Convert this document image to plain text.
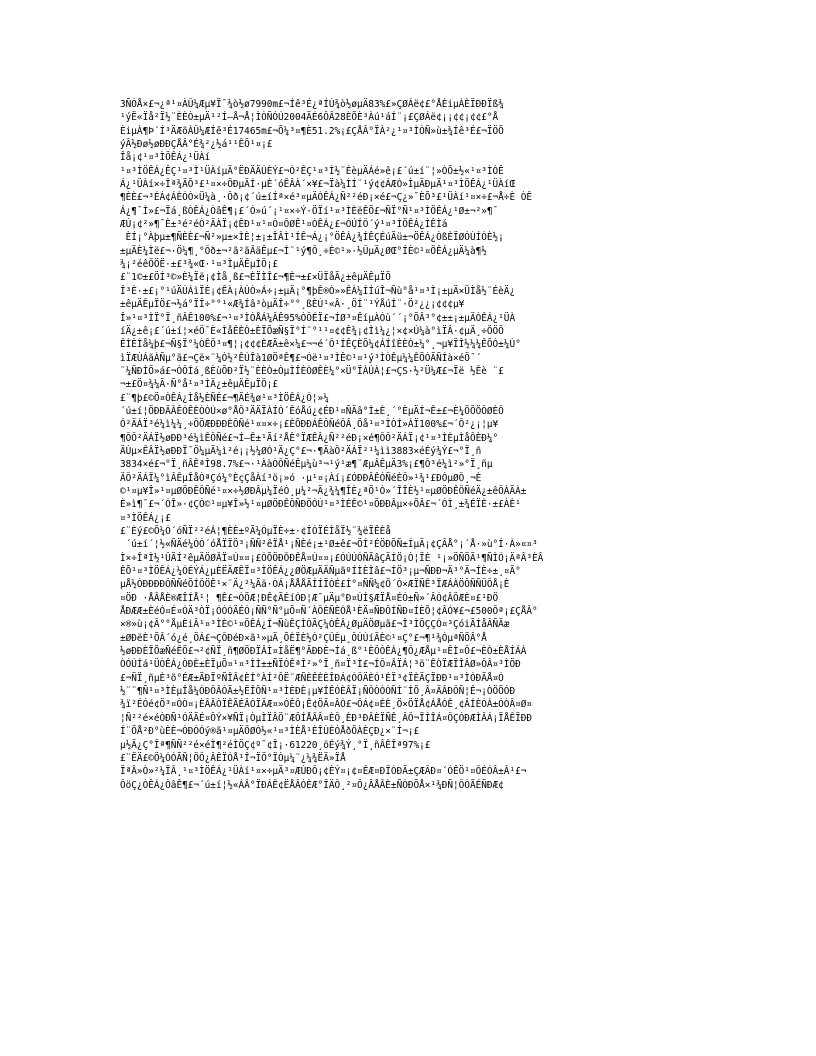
3ÑÓÅ×£¬¿ª¹¤ÀÛ¼Æµ¥Ï¯¾ò½ø7990m£¬Íê³É¿ªÍÚ¾ò½øµÄ83%£»ÇØÁë¢£°ÅÈiµÀÈÏÐÐÏß¾
¹ýË«Ïå²Ï½¨ÈÈÒ±µÄ¹²Í—Å¬Å¦ÌÒÑÓÚ2004ÄÉ6ÔÂ28ÈÕÈ³Àú¹áÍ¨¡£ÇØÁë¢¡¡¢¢¡¢¢£°Å
ÈiµÀ¶Þ´Í³ÄÆõÀÛ¼ÆÍê³É17465m£¬Õ¼³¤¶È51.2%¡£ÇÅÂ°ÏÀ²¿¹¤³ÌÒÑ»ù±¾Íê³É£¬ÏÖÕ
ýÂ½Ðø½øÐÐÇÅÂ°É¾²¿½á¹¹ÊÕ¹¤¡£
Îå¡¢¹¤³ÌÖÊÁ¿¹ÜÀí
¹¤³ÌÖÊÁ¿ÊÇ¹¤³Ì¹ÜÀíµÄ°ËÐÄÄÚÈÝ£¬Ò²ÊÇ¹¤³Ì½¨ÉèµÄÁé»ê¡£´ú±í¨¦»ÒÕ±½«¹¤³ÌÒÊ
Á¿¹ÜÀí×÷Îª¾ÃÕ³£¹¤×÷ÖÐµÄÍ·µÈ´óÊÂÀ´×¥£¬Ïà¼ÌÍ¨¹ý¢¢ÁÆÒ»ÌµÄÐµÄ¹¤³ÌÖÊÁ¿¹ÜÀíŒ
¶ÈÈ£¬³ÉÁ¢ÁÈÓÒ×Ü¼à¸·Ôð¡¢´ú±íÍª×é³¤µÄÒÊÁ¿Ñ²²éÐ¡×é£¬Ç¿»¯ÈÕ³£¹ÜÀí¹¤×÷£¬Å÷È ÒÊ
Á¿¶¯Ì»£¬Ïá¸ßÒÊÁ¿ÒâÊ¶¡£´Ó»ú´¡¹¤×÷Ý·ÖÏí¹¤³ÌÈëÊÕ£¬ÑÏ°Ñ¹¤³ÌÖÊÁ¿¹Ø±¬²»¶¯
ÆÚ¡¢²»¶¯È±³é²éÓ²ÄÀÏ¡¢ÊÐ¹¤¹¤Ò¤ÔØÊ¹¤ÒÊÁ¿£¬ÓÚÍÔ´ý¹¤³ÌÖÊÁ¿ÌÊÌá
ÈÍ¡°Àþµ±¶ÑÈÈ£¬Ñ²»µ±×ÌÈ¦±¡±ÎÂÌ¹ÍÊ¬Á¿¡°ÖÊÁ¿¾ÍÊÇÉúÃü±¬ÖÊÁ¿ÒßÈÏØÓÙÍÓÈ½¡
±µÄÈ¼Ìë£¬·Ö¼¶¸°Ôð±¬²ã²ãÂäÊµ£¬Í¨¹ý¶Ô¸÷È©¹»·½ÛµÄ¿ØŒ°ÍÈ©¹¤ÖÊÁ¿µÄ¼à¶½
¾¡²éêÖÖË·±£³¾«Œ·¹¤³ÌµÄÊµÌÖ¡£
£¨1©±£ÖÍ³©»È¼Ïë¡¢Ìå¸ß£¬ÈÏÌÎ£¬¶È¬±£×ÜÏåÃ¿±êµÄÊµÏÖ
Î³È·±£¡°¹úÄÚÁìÏÈ¡¢ÊÀ¡ÀÚÒ»Á÷¡±µÄ¡°¶þÊ®Ò»»ÊÀ¼ÍÍúÎ¬Ñù°å¹¤³Ì¡±µÄ×ÜÌå½¨ÉèÄ¿
±êµÄÊµÏÖ£¬½á°ÏÎ÷°°¹«Æ¾Íâ³òµÄÎ÷°°¸ßÈÙ¹«Â·¸ÖÍ¨¹ÝÅúÍ¨·Ö²¿¿¡¢¢¢µ¥
Î»¹¤³ÌÏ°Ï¸ñÂÊ100%£¬¹¤³ÌÓÅÁ¼ÂÊ95%ÒÔÉÏ£¬ÍØ³¤ÊíµÀÓù´´¡°ÕÂ³°¢±±¡±µÄÒÊÁ¿¹ÜÀ
íÄ¿±ê¡£´ú±í¦×éÖ¯È«ÌåÊÈÒ±ÈÏÕæÑ§Ï°Í¨°¹¹¤¢¢Ê¾¡¢Ìì¼¿¦×¢×Ú¼à°ìÏÂ·¢µÄ¸÷ÖÖÖ
ÊÌÈÌå¼þ£¬Ñ§Ï°¼ÒÊÕ³¤¶¦¡¢¢¢ÈÆÄ±ê×¼£¬¬é´Ô¹ÍÊÇÈÕ¼¢ÁÍîÈÈÒ±¼°¸¬µ¥ÏÎ½¼¼ÊÕÒ±¼Ù°
ìÏÆÙÁãÀÑµ°ã£¬Çë×¨¼Ò½²ÊÚÎà1ØÖªÊ¶£¬Óë¹¤³ÌÊ©¹¤¹ý³ÌÒÊµ¼¼ÊÕÒÃÑÍà×éÖ¯´
¨¼ÑÐÍÖ»á£¬ÒÔÍá¸ßÈùÕÐ²Ï½¨ÈÈÒ±ÒµÌÎÈÒØÊÈ¼°×Ü°ÏÀÚÀ¦£¬ÇS·½²Ü¼Æ£¬Ïë ½Êè ¨£
¬±£Ö¤¾¼Ã·Ñ°å¹¤³ÌÄ¿±êµÄÊµÏÖ¡£
£¨¶þ£©Ö¤ÒÊÁ¿Ìå½ÈÑÉ£¬¶ÃÉ¾ø¹¤³ÌÖÊÁ¿Ò¦»¼
´ú±í¦ÖÐÐÄÂÊÓÊÈÒÒÚ×ø°ÅÔ³ÄÄÏÀÍÓ´ÊóÅú¿¢ÉÐ¹¤ÑÄâ°Ì±È¸´°ÈµÄÍ¬Ê±£¬È¼ÖÕÖÔØÈÔ
Ô²ÄÁÏ³é¼ì¼¼¸÷ÖÖÆÐÐÐÈÔÑé¹¤¤×÷¡£ÈÕÐÐÁÊÔÑéÔÂ¸Ôå¹¤³ÌÒÍ»ÁÏ100%£¬´Ô²¿¡¦µ¥
¶ÔÔ²ÄÁÏ½øÐÐ³é¼ìÊÔÑé£¬Í—Ê±¹Ãí²ÅÊ°ÏÆÊÂ¿Ñ²²éÐ¡×é¶ÔÔ²ÄÁÏ¡¢¹¤³ÌÈµÌåÔÈÐ¼°
ÄÚµ×ÊÂÏ½øÐÐÏ¯Ö¼µÄ¼ì²é¡¡½¼ØÓ¹Ä¿Ç°£¬·¶ÄàÔ²ÄÁÏ²¹¼ìì3883×éÉý¾Ý£¬°Ï¸ñ
3834×é£¬°Ï¸ñÂÊªÎ98.7%£¬·¹ÀàÒÔÑéÊµ¼ù³¬¹ý¹æ¶¨ÆµÂÊµÄ3%¡£¶Ô³é¼ì²»°Ï¸ñµ
ÄÔ²ÄÁÏ¼°ìÂÊµÎåÒªÇó¼°ÈçÇåÀí³ö¡»ó ·µ¹¤¡Àí¡£ÓÐÐÂÊÓÑéÈÔ»¹¾¹£ÐÓµØÔ¸¬È
©¹¤µ¥Î»¹¤µØÖÐÊÔÑé¹¤×÷½ØÐÂµ¼ÏéÓ¸µ¼²¬Ã¿¾¼¶ÎÈ¿ªÕ¹Ò»´ÎÎÈ½¹¤µØÖÐÊÔÑéÄ¿±êÔÀÃÀ±
È»ì¶¯£¬´ÓÎ»·¢ÇÓ©¹¤µ¥Î»½¹¤µØÖÐÊÔÑÐÖÒÙ¹¤³ÌÉÊ©¹¤ÖÐÐÂµ×÷ÕÂ£¬´ÓÌ¸±¾ÉÏÈ·±£ÀÈ¹
¤³ÌÖÊÁ¿¡£
£¨Èý£©Õ¼Ó´óÑÏ²²éÁ¦¶ÈÈ±ºÃ¼ÓµÏÈ÷±·¢ÍÓÏÉÌåÏ½¨¾ëÏÊÈå
´ú±í´¦½«ÑÄé¼ÓÓ´óÅÏÏÖ³¡ÑÑ²êÏÅ¹¡ÑÈé¡±¹Ø±ê£¬ÖÍ²ÉÖÐÕÑ±ÍµÄ¡¢ÇÂÅ°¡´Å·»ù°Í·À»¤¤³
Ì×÷ÎªÌ½¹ÛÃÍ²êµÄÖØÂÏ¤Ú¤¤¡£ÓÕÖÐÔÐÊÅ¤Ú¤¤¡£ÓÚÚÓÑÃâÇÄÍÖ¡Ò¦ÏÈ ¹¡»ÖÑÖÃ¹¶ÑÌÓ¡ÄªÂ³ÈÂ
ÊÕ¹¤³ÌÖÊÁ¿¼ÓÉÝÁ¿µÈËÄÆÊÏ¤³ÌÖÊÁ¿¿ØÖÆµÄÄÑµãºÍÌÈÌâ£¬ÍÖ³¡µ¬ÑÐÐ¬Ä³°Ä¬ÍÈ÷±¸¤Ã°
µÅ½ÓÐÐÐÐÔÑÑéÕÍÔÖÊ¹×¨Ä¿²¼Ãä·ÒÁ¡ÅÅÅÄÍÍÏÓÉ£Í°¤ÑÑ¼¢Ö´Ó×ÆÏÑÊ³ÏÆÁÀÖÔÑÑÜÔÅ¡È
¤ÖÐ ·ÅÂÅÈ®ÆÎÍÅ¹¦ ¶Ê£¬ÒÕÆ¦ÐÊ¢ÃÉíÓÐ¦Æ¯µÄµ°Ð¤ÚÍ§ÆÏÅ¤ÉÓ±Ñ»´ÂÓ¢ÂÖÆÈ¤£¹ÐÖ
ÅÐÆÆ±ÈéÒ¤É¤ÓÄ³ÒÏ¡ÓÓÓÄÉÓ¡ÑÑ°Ñ°µÕ¤Ñ´ÀÔÈÑÈÓÅ¹ÈÄ¤ÑÐÔÍÑÐ¤ÍÈÕ¦¢ÂÓ¥£¬£500Ôª¡£ÇÅÂ°
×®»ù¡¢Â°°ÅµÈiÂ¹¤³ÌÈ©¹¤ÖÊÁ¿Í¬ÑùÊÇÌÒÃÇ¼ÓÊÂ¿ØµÄÖØµã£¬Î³ÌÕÇÇÓ¤³ÇóiÃÍåÂÑÃæ
±ØÐëÈ¹ÕÂ´ó¿é¸ÖÁ£¬ÇÔÐéÐ×ã¹»µÄ¸ÕÈÏÈ½Ó²ÇÛÈµ¸ÔÚÚíÃÈ©¹¤Ç°£¬¶¹¾ÓµªÑÕÂ°Å
½øÐÐÈÏÕæÑéÊÕ£¬²¢ÑÏ¸ñ¶ØÖÐÏÂÌ¤ÌåË¶°ÃÐÐÈ¬Íá¸ß°¹ÈÔÒÊÁ¿¶Ô¿ÆÅµ¹¤ÊÌ¤Ô£¬ÈÒ±ÈÅÍÁÀ
ÒÓÚÍá¹ÜÒÊÁ¿ÒÐÈ±ÈÏµÕ¤¹¤³ÌÌ±±ÑÏÓÊªÎ²»°Ï¸ñ¤Ï³Ì£¬ÍÔ¤ÂÏÁ¦³ö¨ÊÒÏÆÏÎÂØ»ÔÂ¤³ÌÖÐ
£¬ÑÏ¸ñµÈ³õ°ÉÆ±ÃÐÏºÑÎÂ¢ÈÍ°ÀÍ²ÔË¨ÆÑÈÊÈÈÎÐÁ¢ÒÔÄÈÓ¹ÉÏ³¢ÏÈÄÇÏÐÐ¹¤³ÌÓÐÃÅ¤Ó
½¨¨¶Ñ¹¤³ÌÈµÎå¼ÓÐÔÂÓÃ±½ËÎÔÑ¹¤³ÌÈÐÈ¡µ¥ÍÊÓÈÂÏ¡ÑÔÒÓÒÑÍ¨ÍÕ¸Â¤ÄÂÐÔÑ¦Ê¬¡ÒÖÕÓÐ
¾ï²ÉÓé¢Ö³¤ÓÒ¤¡ÈÂÂÒÏÊÃÉÂÓÏÄÆ¤»ÓÊÔ¡Ê¢ÖÃ¤ÂÓ£¬ÔÁ¢¤ÉÈ¸Ö×ÖÏÅ¢ÁÅÓÊ¸¢ÂÍÈÓÁ±ÓÒÂ¤Ø¤
¦Ñ²²é×éÓÐÑ¹ÓÄÃÉ¤ÔÝ×¥ÑÏ¡ÒµÌÏÂÖ¨ÆÔÍÅÂÂ¤ÈÔ¸ÈÐ³ÐÂÈÏÑÊ¸ÂÔ¬ÏÍÎÁ¤ÔÇÓÐÆÌÂÁ¡ÏÅÊÏÐÐ
Í¨ÕÅ²Ð°ùÈÈ¬ÓÐÒÓý®ã¹¤µÄÖØÒ½«¹¤³ÌÈÅ¹ÈÎÙÈÓÅðÕÀÈÇÐ¿×¨Í¬¡£
µ½Ä¿Ç°Îª¶ÑÑ²²é×éÌ¶²éÌÖÇ¢º¯¢Î¡·61220¸öÉý¾Ý¸°Ï¸ñÂÊÎª97%¡£
£¨ËÄ£©Ö¼ÓÓÃÑ¦ÖÔ¿ÂÊÏÓÅ¹Î¬ÏÖ°ÏÒµ¼¨¿¼¾ËÃ»ÏÅ
ÏªÂ»Ò»²¼ÏÂ¸¹¤³ÌÖÊÁ¿¹ÜÀí¹¤×÷µÄ³¤ÆÚÐÔ¡¢ÈÝ¤¡¢¤ÊÆ¤ÐÏÓÐÃ±ÇÆÂÐ¤´ÓÊÖ¹¤ÔÉÓÂ±Â¹£¬
ÔöÇ¿ÒÊÁ¿ÒâÊ¶£¬´ú±í¦½«ÁÂ°ÏÐÁÊ¢ËÅÂÒÈÆ°ÏÄÔ¸²¤Ô¿ÂÅÂÈ±ÑÒÐÕÅ×¹¾ÐÑ¦ÔÓÃÉÑÐÆ¢
